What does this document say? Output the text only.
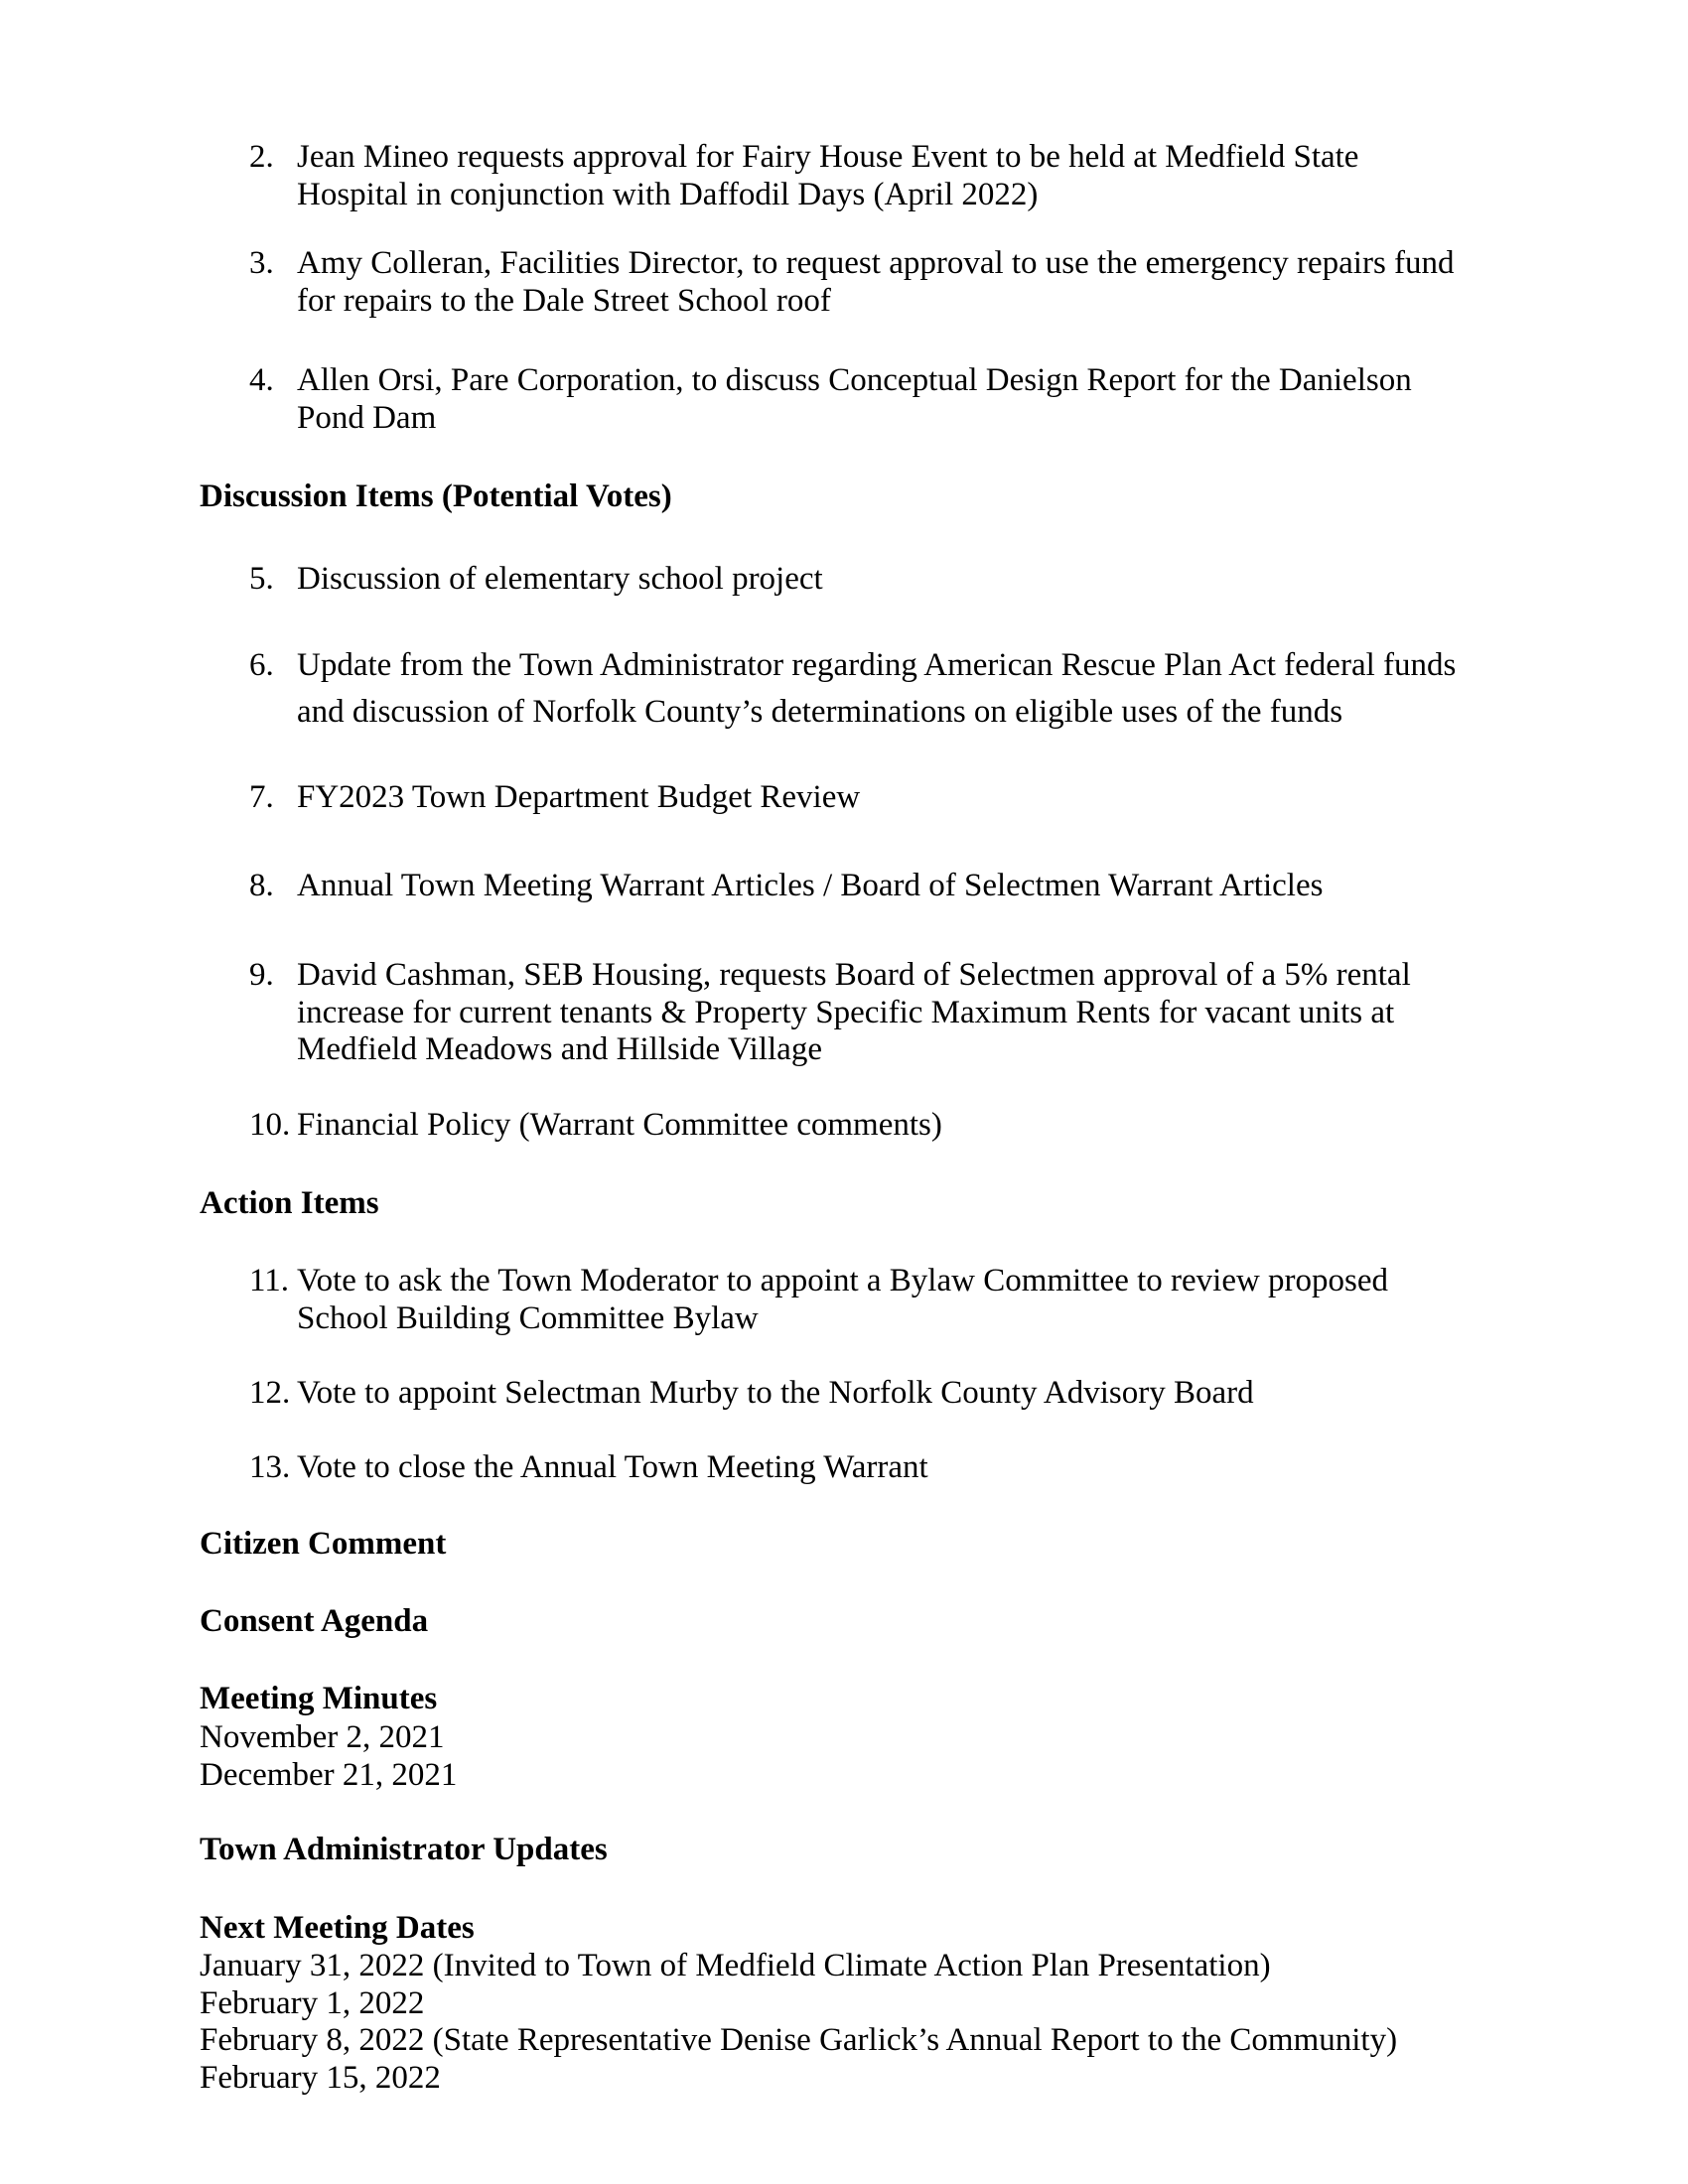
2. Jean Mineo requests approval for Fairy House Event to be held at Medfield State
Hospital in conjunction with Daffodil Days (April 2022)
3. Amy Colleran, Facilities Director, to request approval to use the emergency repairs fund
for repairs to the Dale Street School roof
4. Allen Orsi, Pare Corporation, to discuss Conceptual Design Report for the Danielson
Pond Dam
Discussion Items (Potential Votes)
5. Discussion of elementary school project
6. Update from the Town Administrator regarding American Rescue Plan Act federal funds
and discussion of Norfolk County’s determinations on eligible uses of the funds
7. FY2023 Town Department Budget Review
8. Annual Town Meeting Warrant Articles / Board of Selectmen Warrant Articles
9. David Cashman, SEB Housing, requests Board of Selectmen approval of a 5% rental
increase for current tenants & Property Specific Maximum Rents for vacant units at
Medfield Meadows and Hillside Village
10. Financial Policy (Warrant Committee comments)
Action Items
11. Vote to ask the Town Moderator to appoint a Bylaw Committee to review proposed
School Building Committee Bylaw
12. Vote to appoint Selectman Murby to the Norfolk County Advisory Board
13. Vote to close the Annual Town Meeting Warrant
Citizen Comment
Consent Agenda
Meeting Minutes
November 2, 2021
December 21, 2021
Town Administrator Updates
Next Meeting Dates
January 31, 2022 (Invited to Town of Medfield Climate Action Plan Presentation)
February 1, 2022
February 8, 2022 (State Representative Denise Garlick’s Annual Report to the Community)
February 15, 2022
